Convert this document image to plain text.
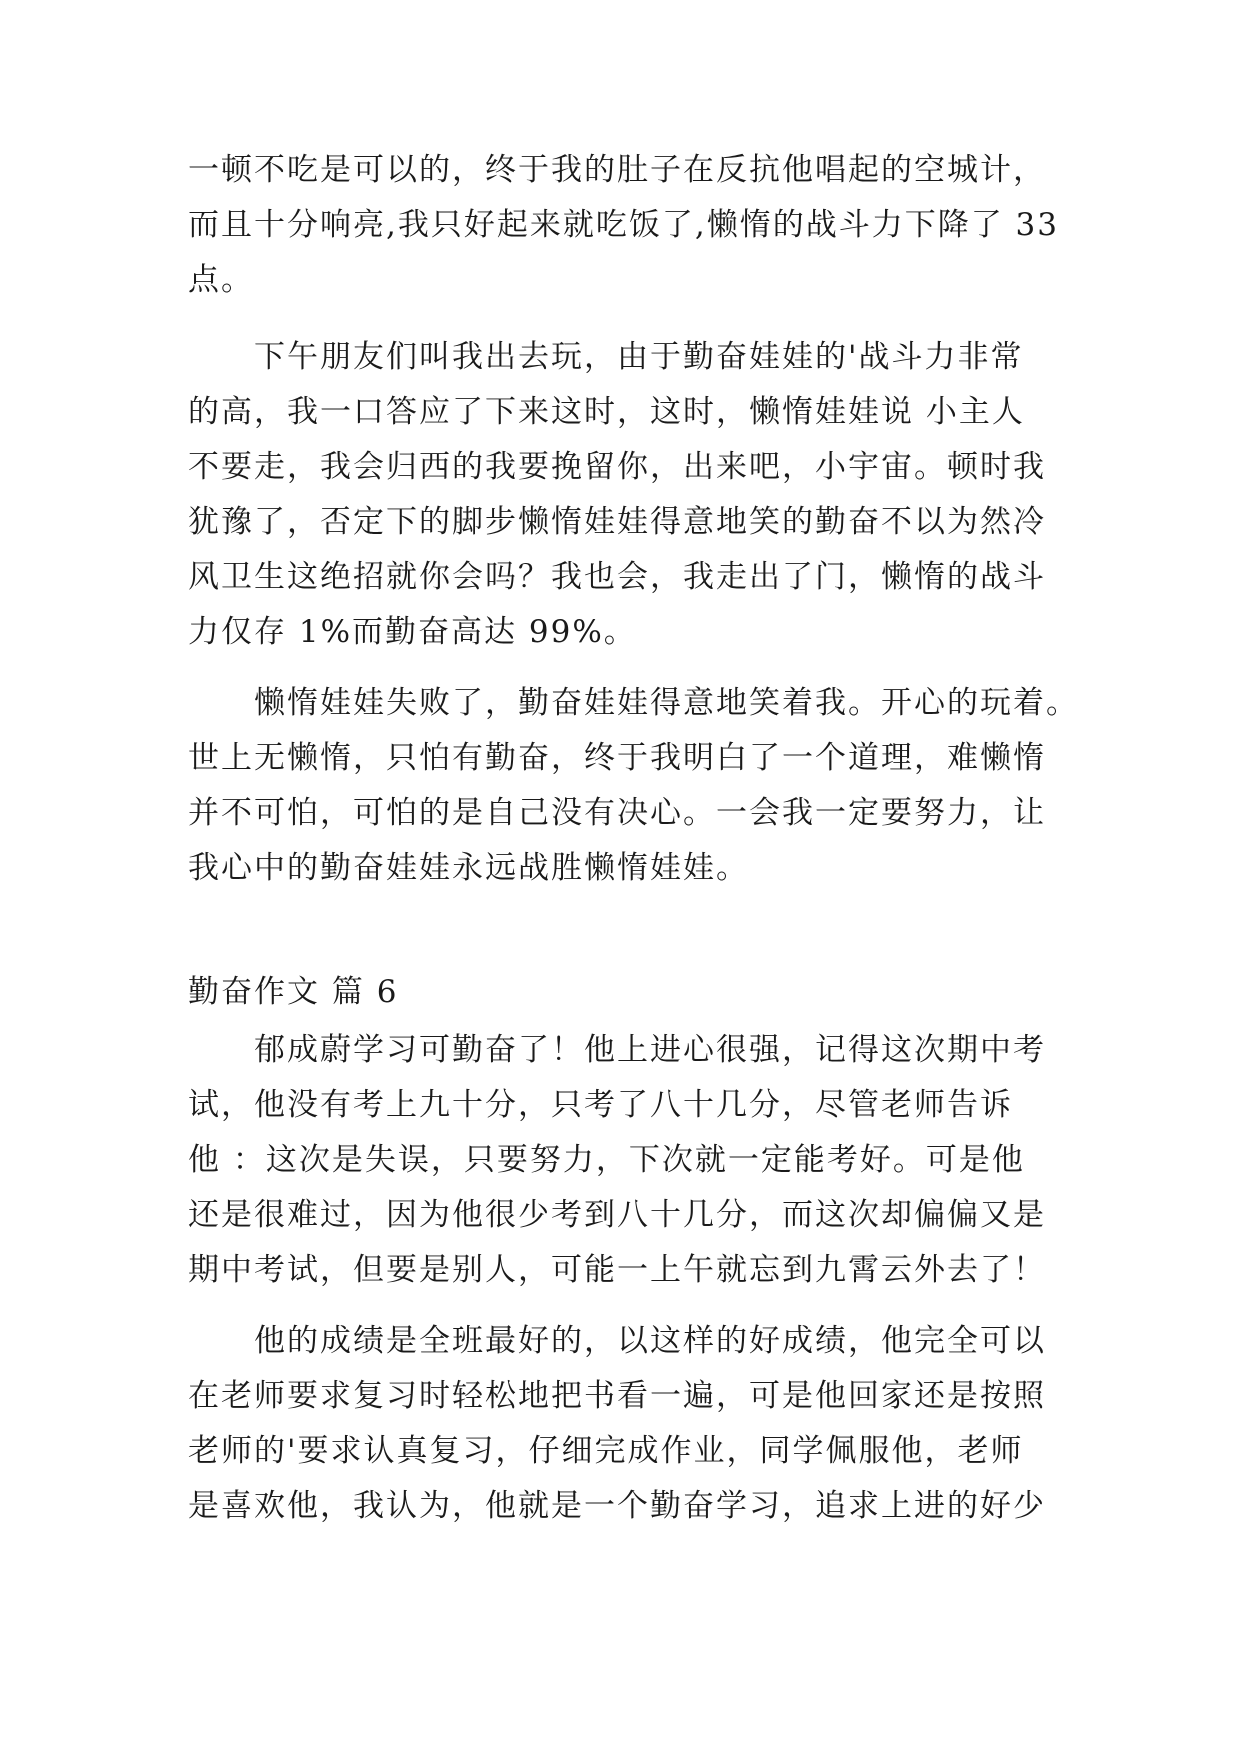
一顿不吃是可以的，终于我的肚子在反抗他唱起的空城计，
而且十分响亮,我只好起来就吃饭了,懒惰的战斗力下降了 33
点。
下午朋友们叫我出去玩，由于勤奋娃娃的'战斗力非常
的高，我一口答应了下来这时，这时，懒惰娃娃说 小主人
不要走，我会归西的我要挽留你，出来吧，小宇宙。顿时我
犹豫了，否定下的脚步懒惰娃娃得意地笑的勤奋不以为然冷
风卫生这绝招就你会吗？我也会，我走出了门，懒惰的战斗
力仅存 1%而勤奋高达 99%。
懒惰娃娃失败了，勤奋娃娃得意地笑着我。开心的玩着。
世上无懒惰，只怕有勤奋，终于我明白了一个道理，难懒惰
并不可怕，可怕的是自己没有决心。一会我一定要努力，让
我心中的勤奋娃娃永远战胜懒惰娃娃。
勤奋作文 篇 6
郁成蔚学习可勤奋了！他上进心很强，记得这次期中考
试，他没有考上九十分，只考了八十几分，尽管老师告诉
他 ：这次是失误，只要努力，下次就一定能考好。可是他
还是很难过，因为他很少考到八十几分，而这次却偏偏又是
期中考试，但要是别人，可能一上午就忘到九霄云外去了！
他的成绩是全班最好的，以这样的好成绩，他完全可以
在老师要求复习时轻松地把书看一遍，可是他回家还是按照
老师的'要求认真复习，仔细完成作业，同学佩服他，老师
是喜欢他，我认为，他就是一个勤奋学习，追求上进的好少
